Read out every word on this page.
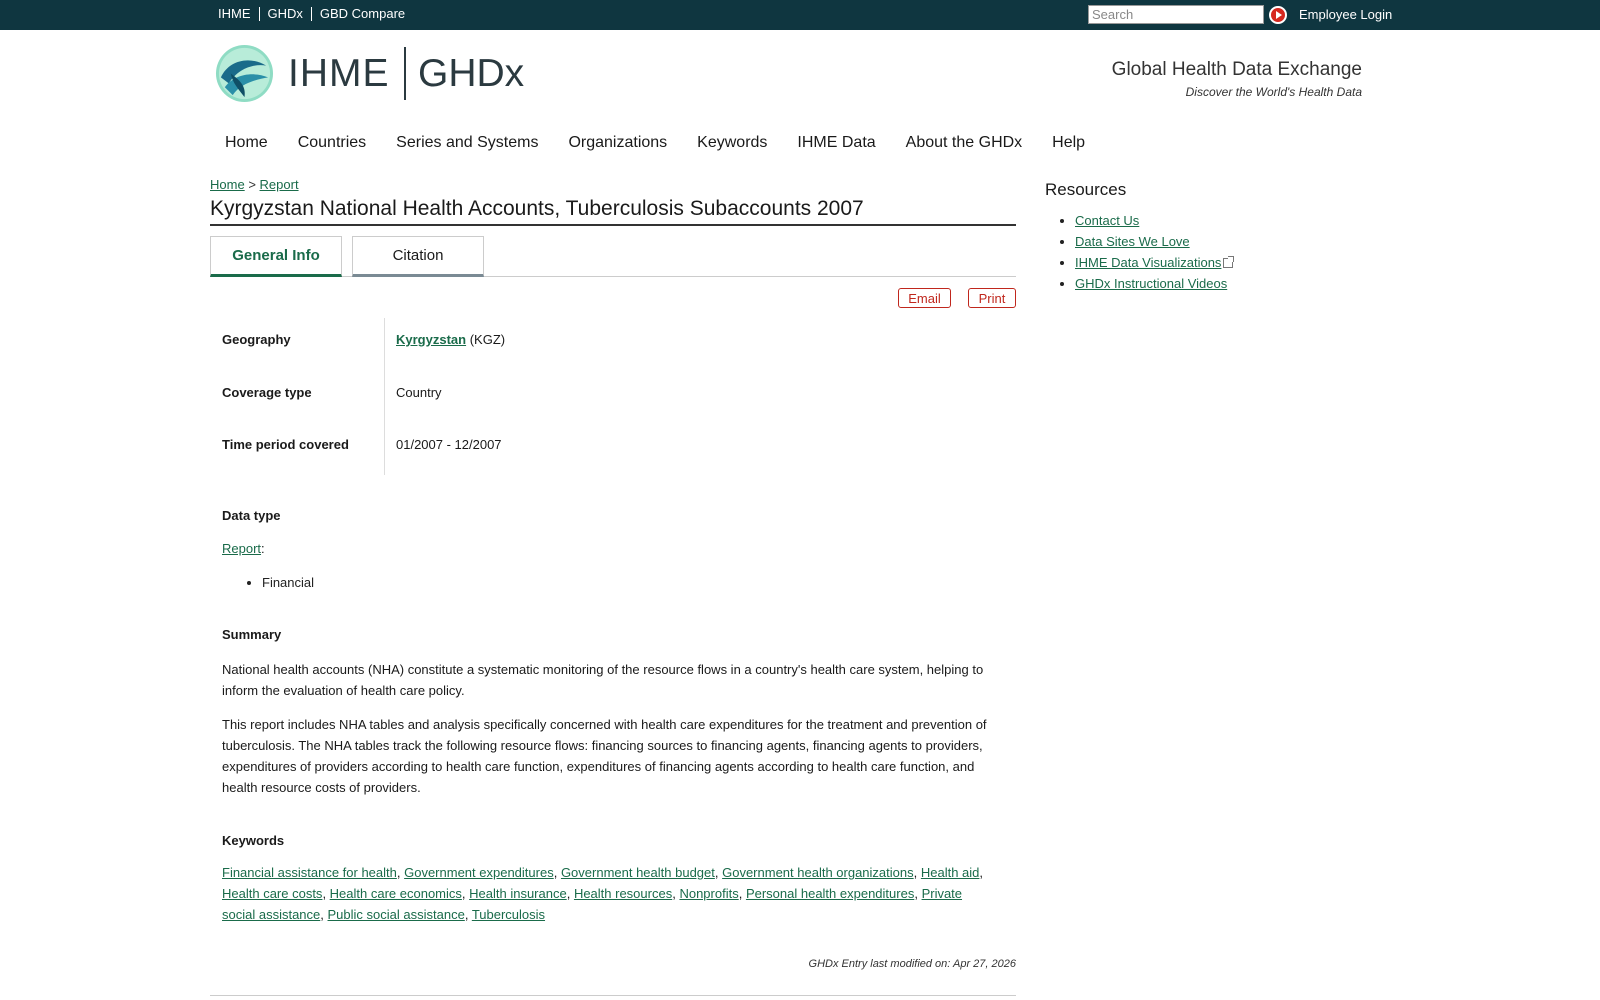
IHME	GHDx	GBD Compare
Search	Employee Login
IHME GHDx	Global Health Data Exchange
Discover the World's Health Data
Home Countries Series and Systems Organizations Keywords IHME Data About the GHDx Help
Home > Report
Kyrgyzstan National Health Accounts, Tuberculosis Subaccounts 2007
General Info	Citation
Email	Print
Geography	Kyrgyzstan (KGZ)
Coverage type	Country
Time period covered	01/2007 - 12/2007
Data type
Report:
• Financial
Summary

National health accounts (NHA) constitute a systematic monitoring of the resource flows in a country's health care system, helping to inform the evaluation of health care policy.

This report includes NHA tables and analysis specifically concerned with health care expenditures for the treatment and prevention of tuberculosis. The NHA tables track the following resource flows: financing sources to financing agents, financing agents to providers, expenditures of providers according to health care function, expenditures of financing agents according to health care function, and health resource costs of providers.

Keywords
Financial assistance for health, Government expenditures, Government health budget, Government health organizations, Health aid, Health care costs, Health care economics, Health insurance, Health resources, Nonprofits, Personal health expenditures, Private social assistance, Public social assistance, Tuberculosis
GHDx Entry last modified on: Apr 27, 2026
Resources
• Contact Us
• Data Sites We Love
• IHME Data Visualizations
• GHDx Instructional Videos
